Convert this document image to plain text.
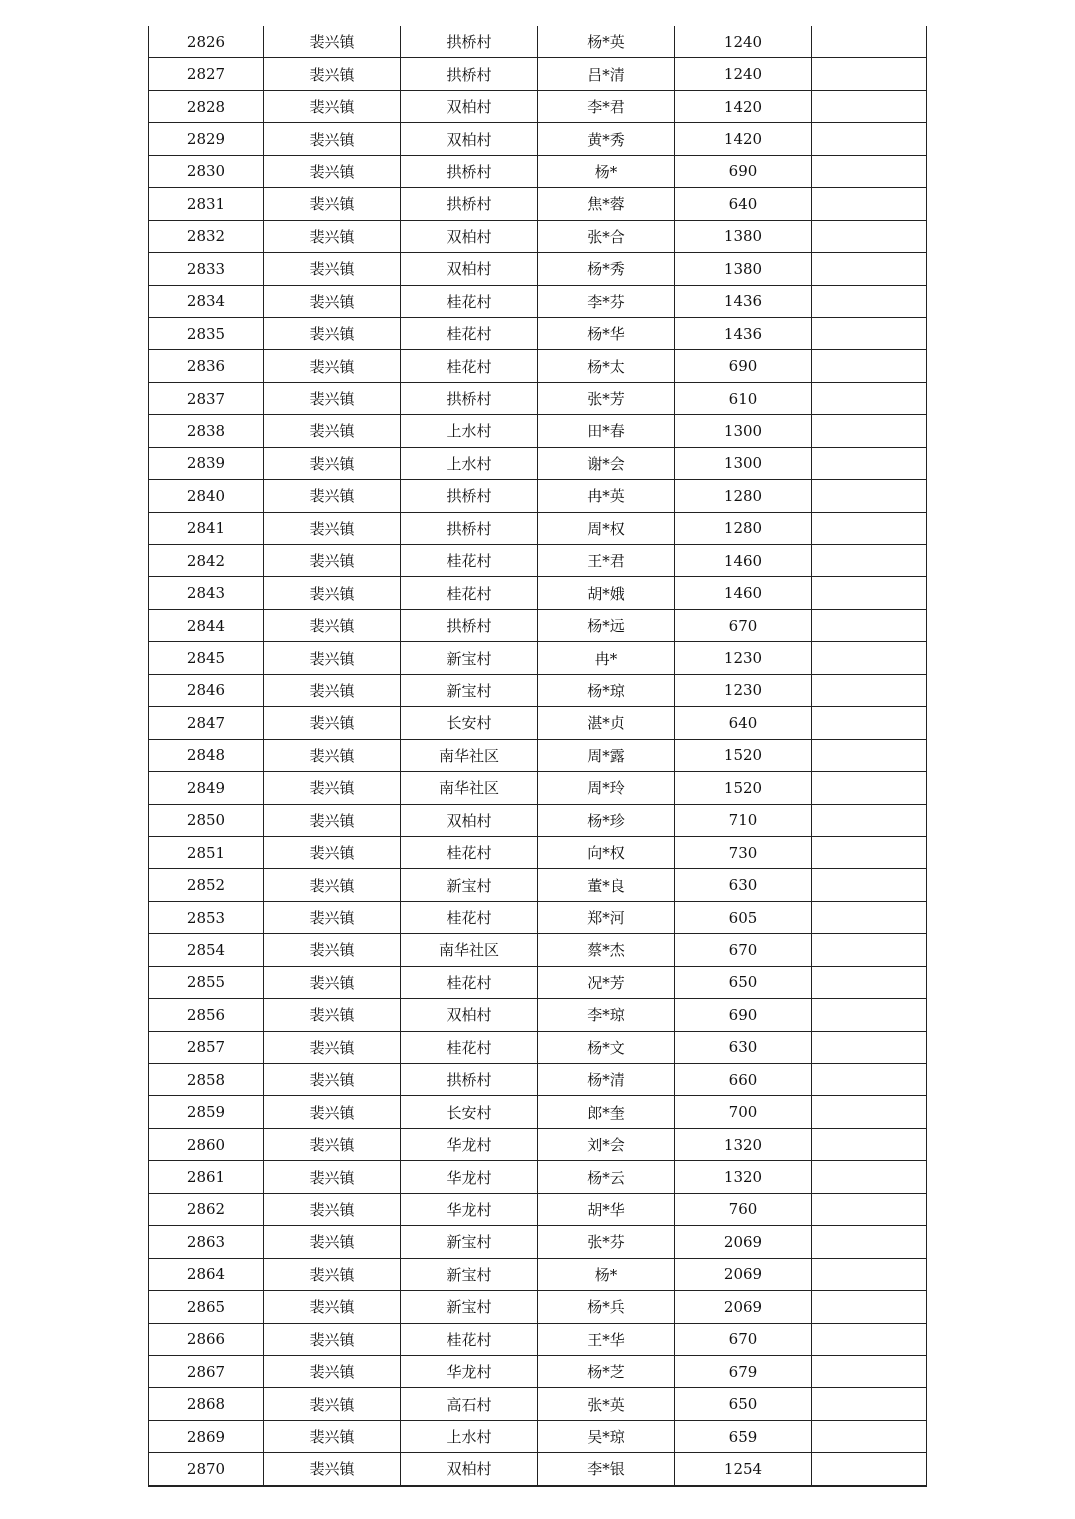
2826	裴兴镇	拱桥村	杨*英	1240	
2827	裴兴镇	拱桥村	吕*清	1240	
2828	裴兴镇	双柏村	李*君	1420	
2829	裴兴镇	双柏村	黄*秀	1420	
2830	裴兴镇	拱桥村	杨*	690	
2831	裴兴镇	拱桥村	焦*蓉	640	
2832	裴兴镇	双柏村	张*合	1380	
2833	裴兴镇	双柏村	杨*秀	1380	
2834	裴兴镇	桂花村	李*芬	1436	
2835	裴兴镇	桂花村	杨*华	1436	
2836	裴兴镇	桂花村	杨*太	690	
2837	裴兴镇	拱桥村	张*芳	610	
2838	裴兴镇	上水村	田*春	1300	
2839	裴兴镇	上水村	谢*会	1300	
2840	裴兴镇	拱桥村	冉*英	1280	
2841	裴兴镇	拱桥村	周*权	1280	
2842	裴兴镇	桂花村	王*君	1460	
2843	裴兴镇	桂花村	胡*娥	1460	
2844	裴兴镇	拱桥村	杨*远	670	
2845	裴兴镇	新宝村	冉*	1230	
2846	裴兴镇	新宝村	杨*琼	1230	
2847	裴兴镇	长安村	湛*贞	640	
2848	裴兴镇	南华社区	周*露	1520	
2849	裴兴镇	南华社区	周*玲	1520	
2850	裴兴镇	双柏村	杨*珍	710	
2851	裴兴镇	桂花村	向*权	730	
2852	裴兴镇	新宝村	董*良	630	
2853	裴兴镇	桂花村	郑*河	605	
2854	裴兴镇	南华社区	蔡*杰	670	
2855	裴兴镇	桂花村	况*芳	650	
2856	裴兴镇	双柏村	李*琼	690	
2857	裴兴镇	桂花村	杨*文	630	
2858	裴兴镇	拱桥村	杨*清	660	
2859	裴兴镇	长安村	郎*奎	700	
2860	裴兴镇	华龙村	刘*会	1320	
2861	裴兴镇	华龙村	杨*云	1320	
2862	裴兴镇	华龙村	胡*华	760	
2863	裴兴镇	新宝村	张*芬	2069	
2864	裴兴镇	新宝村	杨*	2069	
2865	裴兴镇	新宝村	杨*兵	2069	
2866	裴兴镇	桂花村	王*华	670	
2867	裴兴镇	华龙村	杨*芝	679	
2868	裴兴镇	高石村	张*英	650	
2869	裴兴镇	上水村	吴*琼	659	
2870	裴兴镇	双柏村	李*银	1254	
